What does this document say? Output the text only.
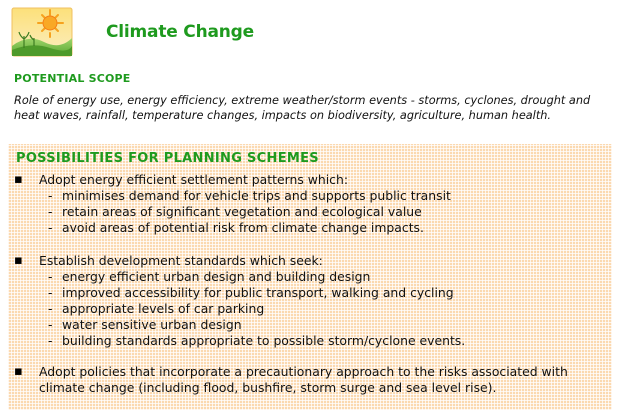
Climate Change
POTENTIAL SCOPE
Role of energy use, energy efficiency, extreme weather/storm events - storms, cyclones, drought and heat waves, rainfall, temperature changes, impacts on biodiversity, agriculture, human health.
POSSIBILITIES FOR PLANNING SCHEMES
▪ Adopt energy efficient settlement patterns which:
- minimises demand for vehicle trips and supports public transit
- retain areas of significant vegetation and ecological value
- avoid areas of potential risk from climate change impacts.
▪ Establish development standards which seek:
- energy efficient urban design and building design
- improved accessibility for public transport, walking and cycling
- appropriate levels of car parking
- water sensitive urban design
- building standards appropriate to possible storm/cyclone events.
▪ Adopt policies that incorporate a precautionary approach to the risks associated with climate change (including flood, bushfire, storm surge and sea level rise).
